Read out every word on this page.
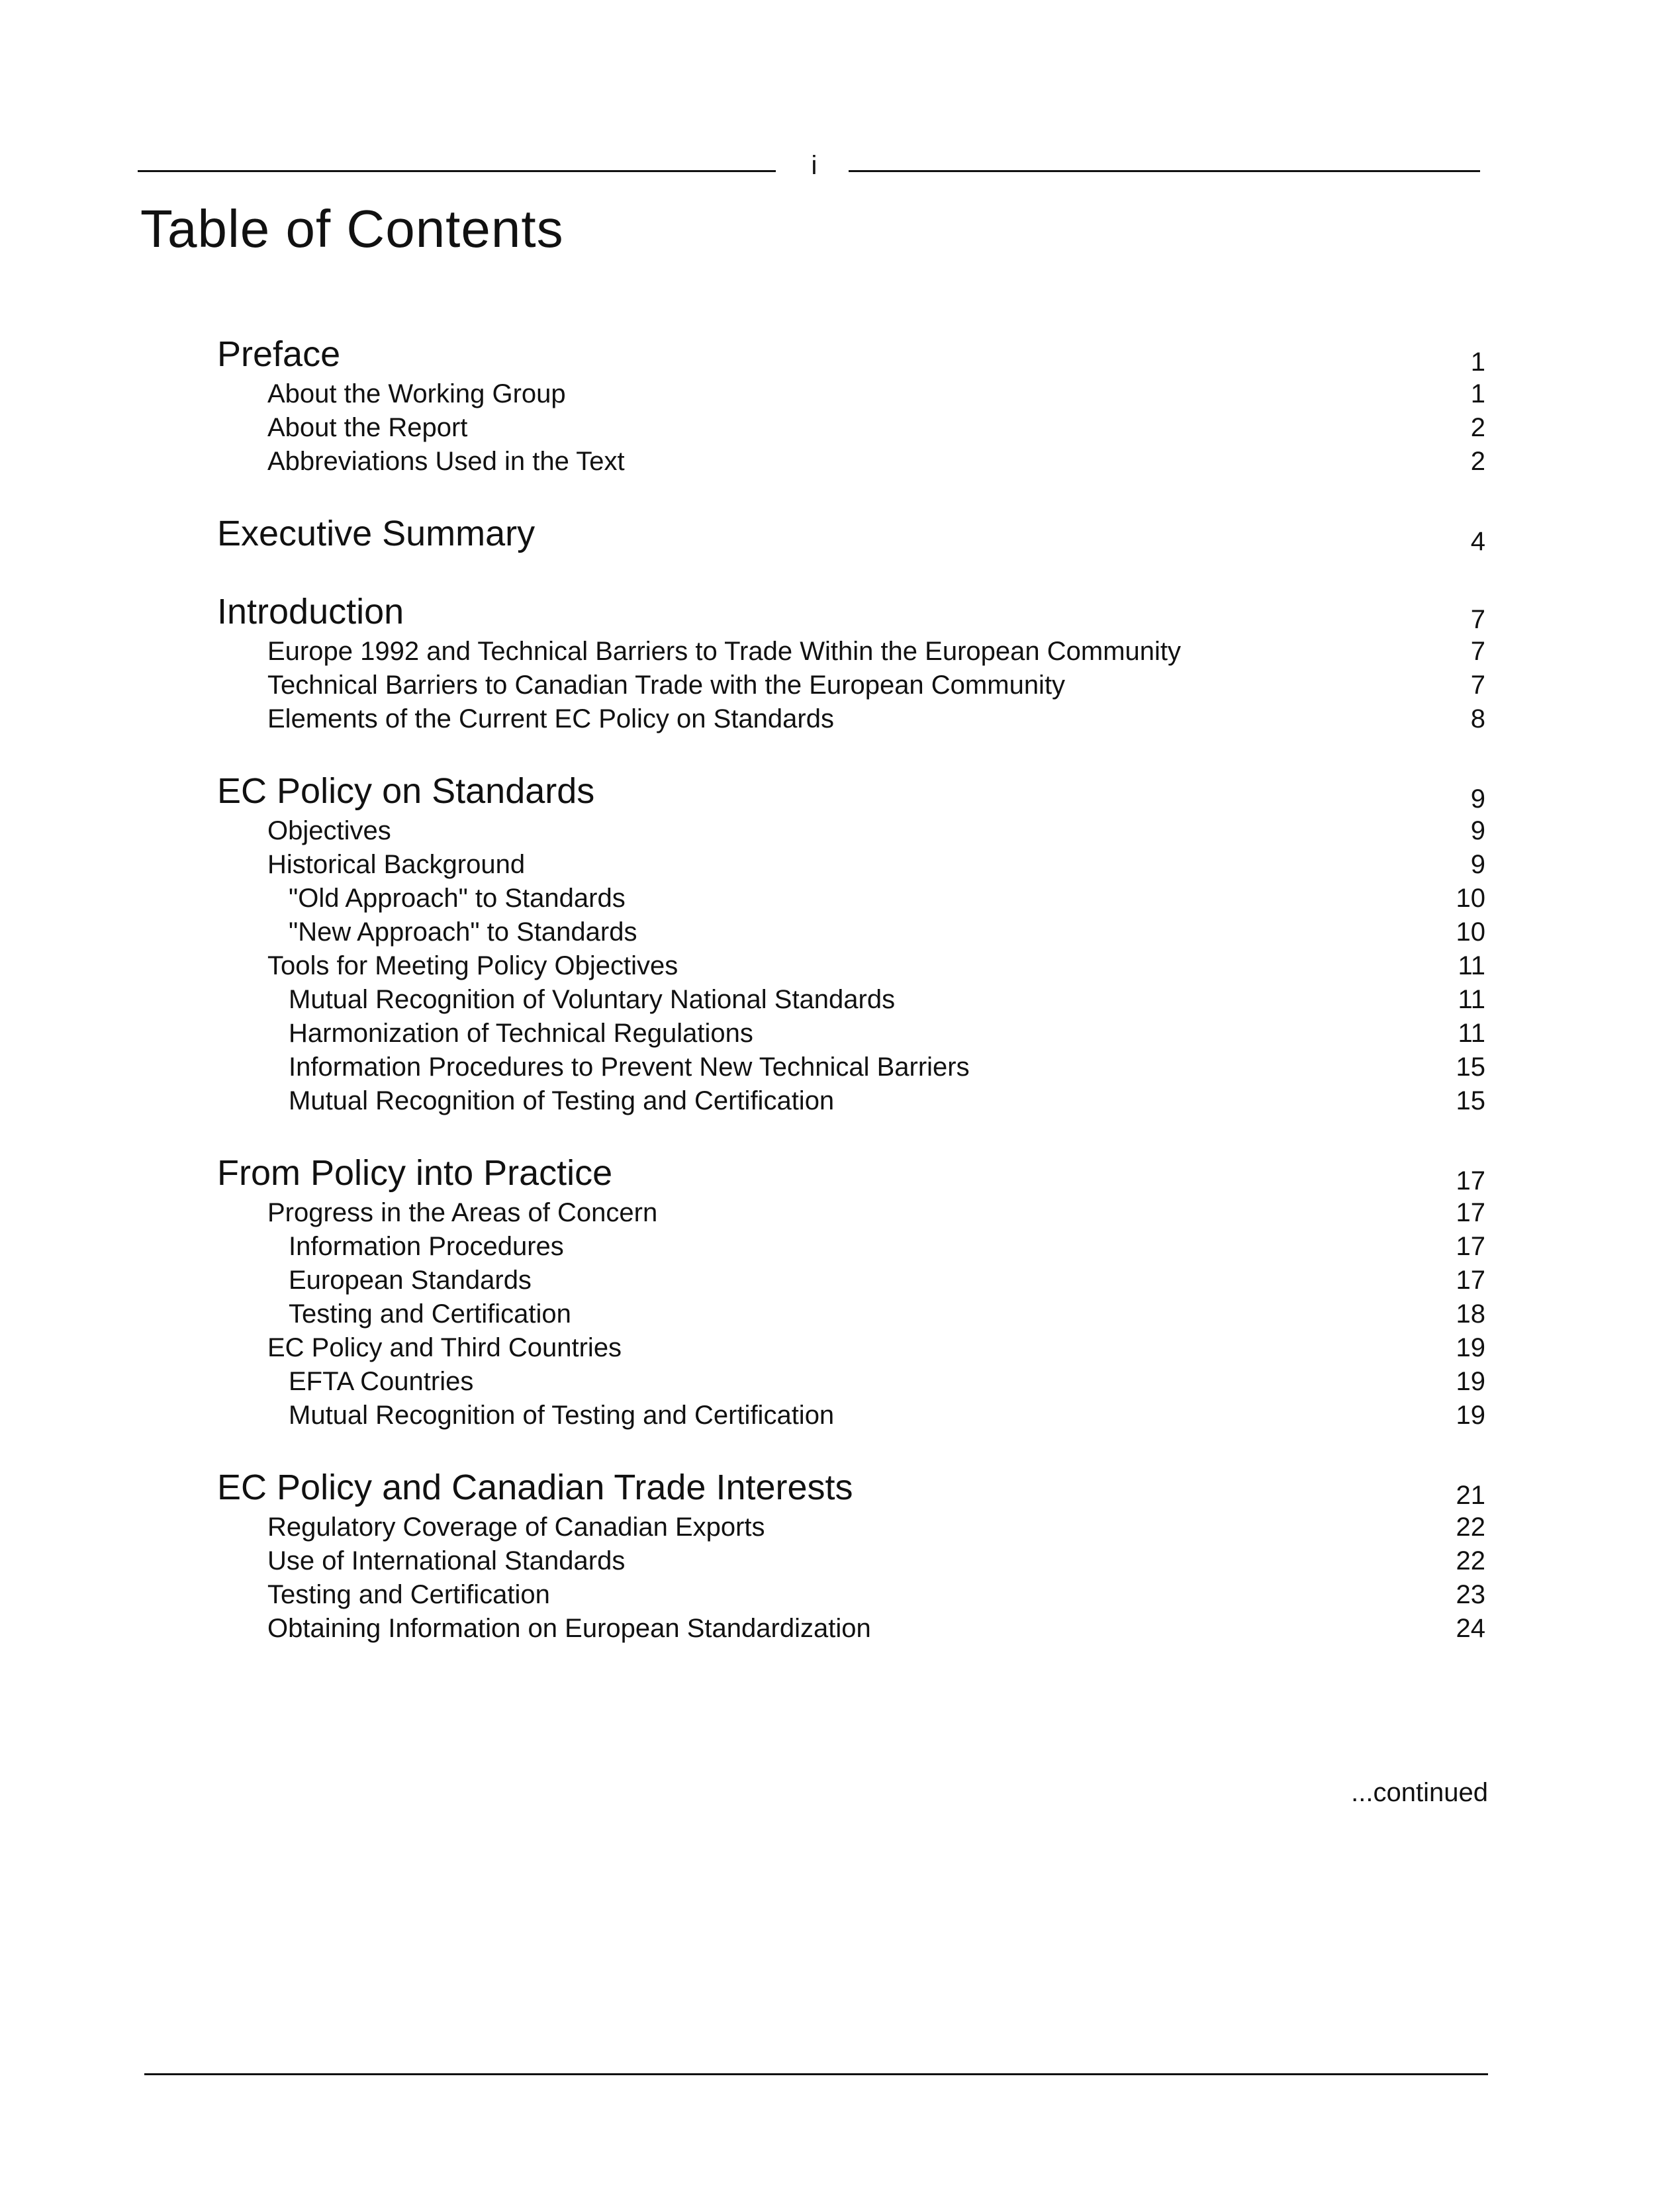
i
Table of Contents
Preface	1
About the Working Group	1
About the Report	2
Abbreviations Used in the Text	2
Executive Summary	4
Introduction	7
Europe 1992 and Technical Barriers to Trade Within the European Community	7
Technical Barriers to Canadian Trade with the European Community	7
Elements of the Current EC Policy on Standards	8
EC Policy on Standards	9
Objectives	9
Historical Background	9
"Old Approach" to Standards	10
"New Approach" to Standards	10
Tools for Meeting Policy Objectives	11
Mutual Recognition of Voluntary National Standards	11
Harmonization of Technical Regulations	11
Information Procedures to Prevent New Technical Barriers	15
Mutual Recognition of Testing and Certification	15
From Policy into Practice	17
Progress in the Areas of Concern	17
Information Procedures	17
European Standards	17
Testing and Certification	18
EC Policy and Third Countries	19
EFTA Countries	19
Mutual Recognition of Testing and Certification	19
EC Policy and Canadian Trade Interests	21
Regulatory Coverage of Canadian Exports	22
Use of International Standards	22
Testing and Certification	23
Obtaining Information on European Standardization	24
...continued
